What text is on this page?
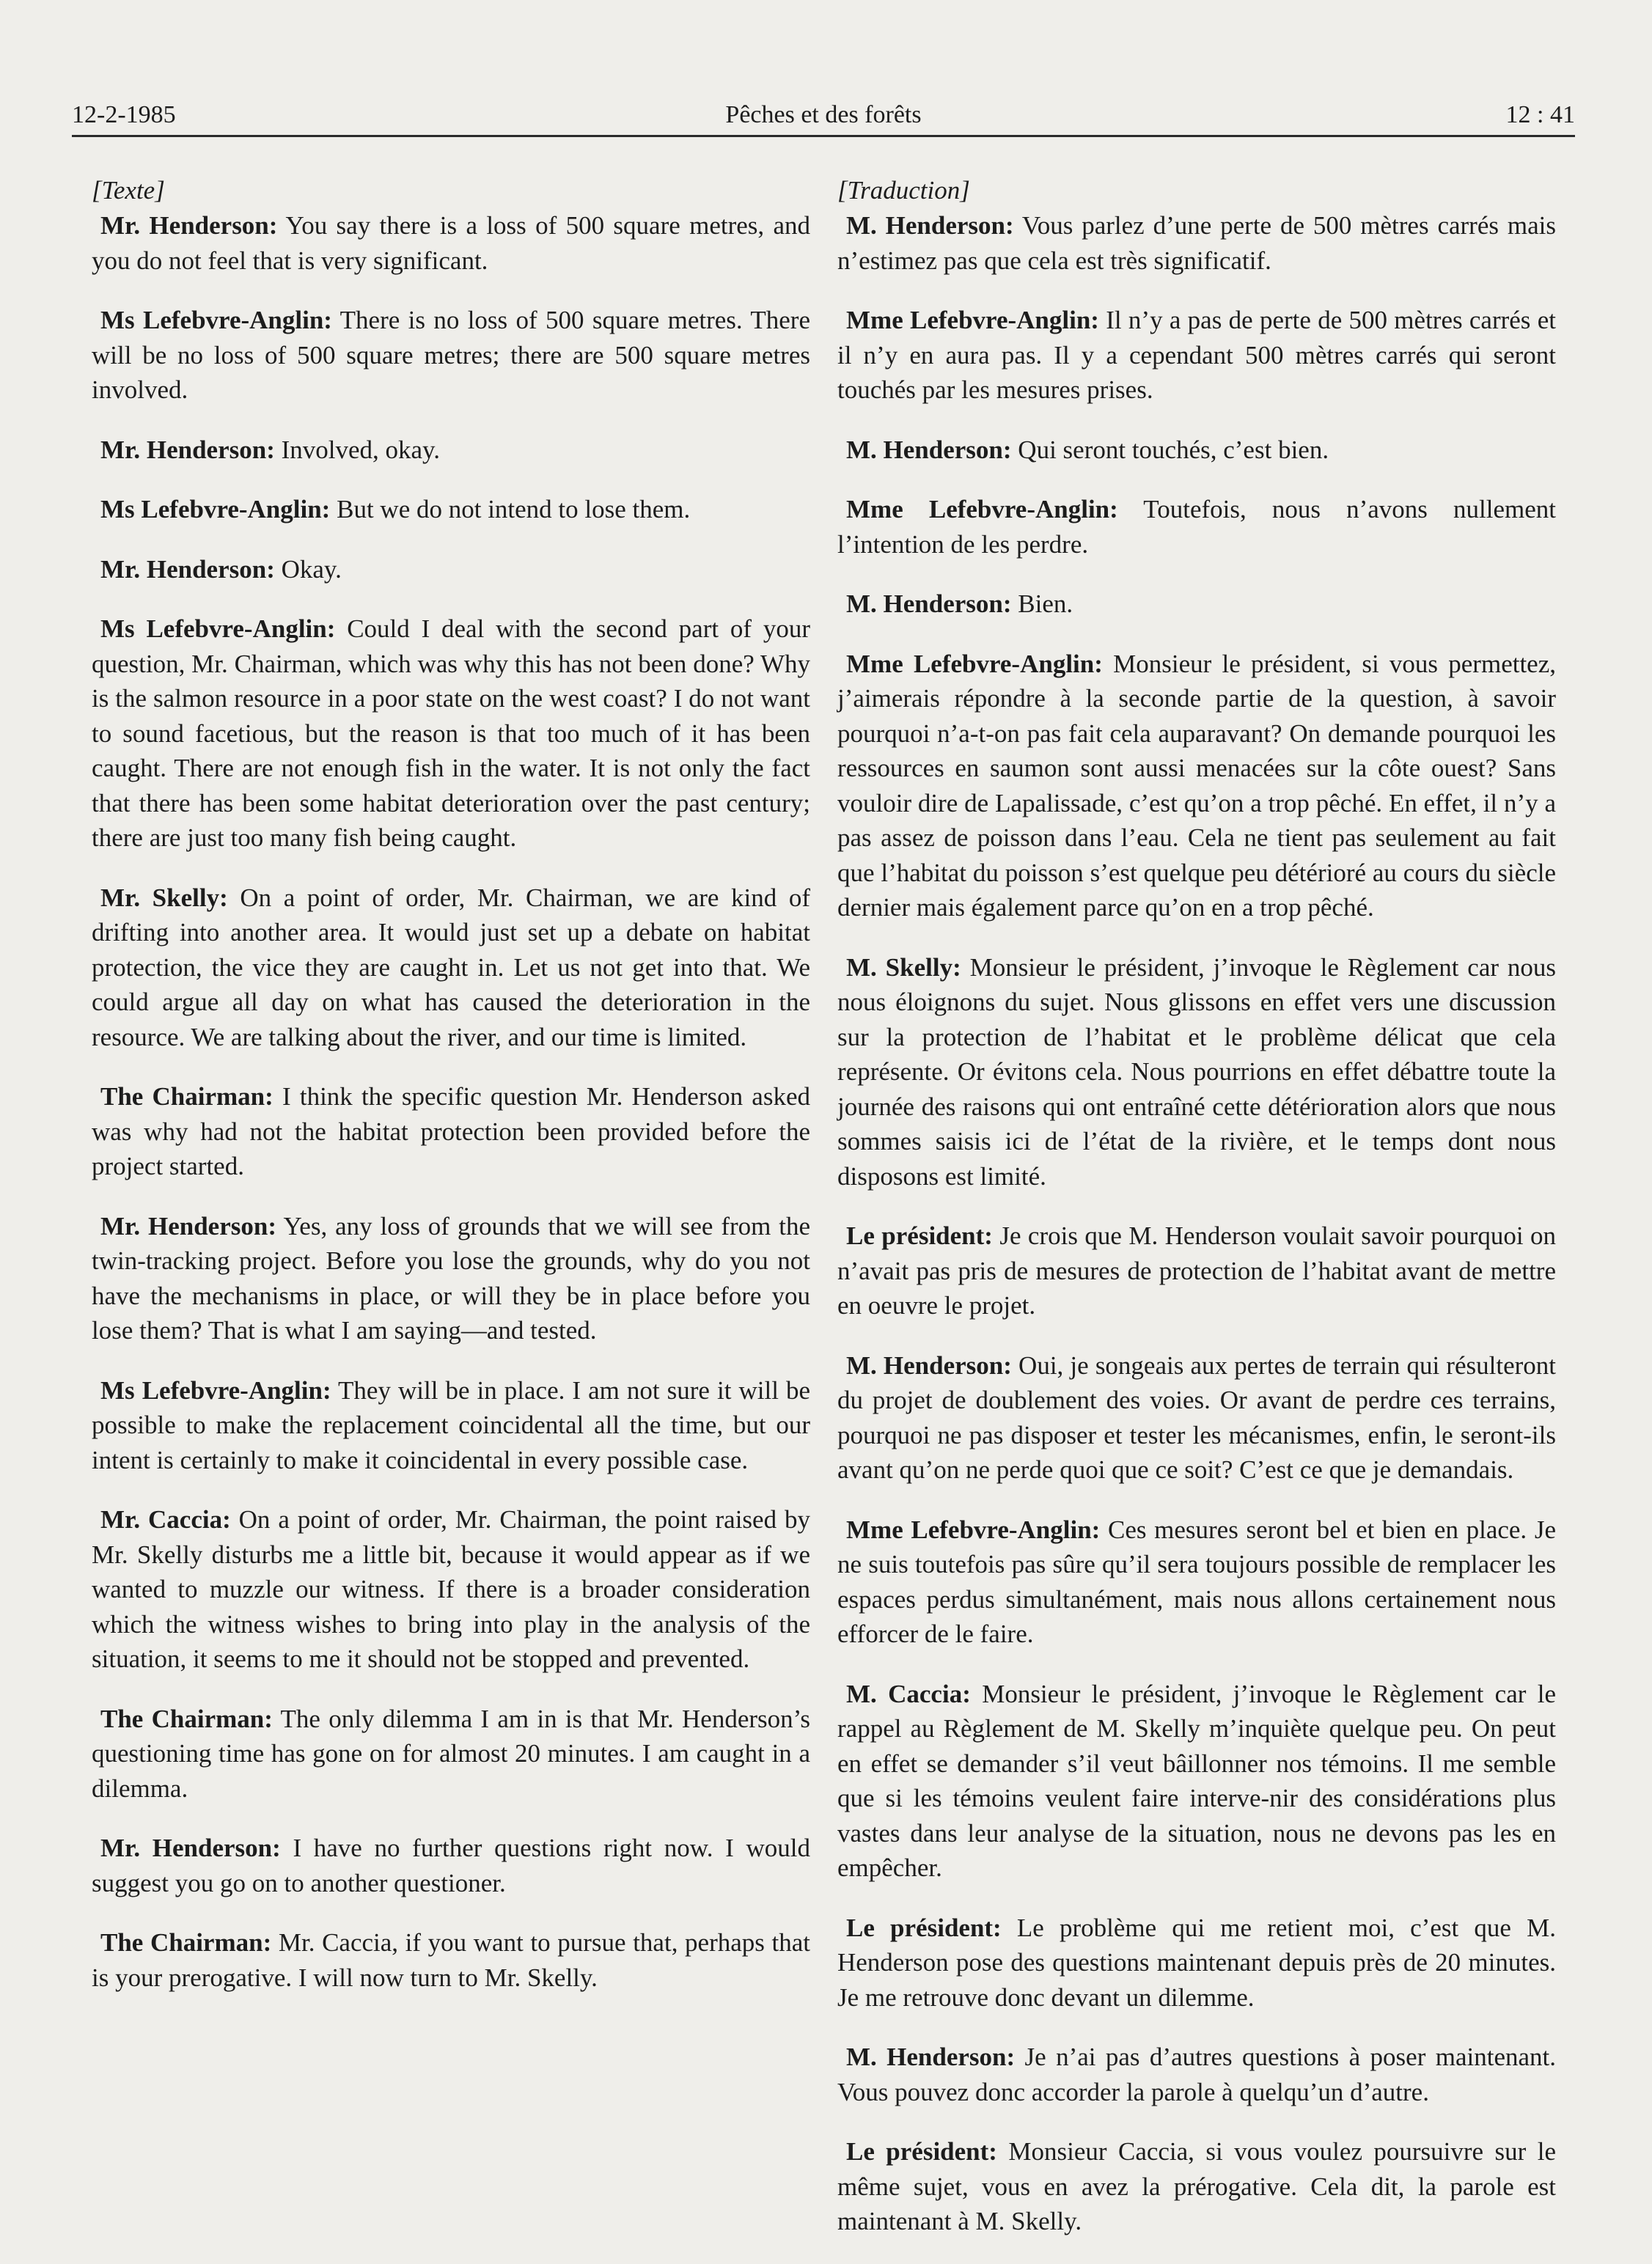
12-2-1985	Pêches et des forêts	12 : 41

[Texte]

Mr. Henderson: You say there is a loss of 500 square metres, and you do not feel that is very significant.

Ms Lefebvre-Anglin: There is no loss of 500 square metres. There will be no loss of 500 square metres; there are 500 square metres involved.

Mr. Henderson: Involved, okay.

Ms Lefebvre-Anglin: But we do not intend to lose them.

Mr. Henderson: Okay.

Ms Lefebvre-Anglin: Could I deal with the second part of your question, Mr. Chairman, which was why this has not been done? Why is the salmon resource in a poor state on the west coast? I do not want to sound facetious, but the reason is that too much of it has been caught. There are not enough fish in the water. It is not only the fact that there has been some habitat deterioration over the past century; there are just too many fish being caught.

Mr. Skelly: On a point of order, Mr. Chairman, we are kind of drifting into another area. It would just set up a debate on habitat protection, the vice they are caught in. Let us not get into that. We could argue all day on what has caused the deterioration in the resource. We are talking about the river, and our time is limited.

The Chairman: I think the specific question Mr. Henderson asked was why had not the habitat protection been provided before the project started.

Mr. Henderson: Yes, any loss of grounds that we will see from the twin-tracking project. Before you lose the grounds, why do you not have the mechanisms in place, or will they be in place before you lose them? That is what I am saying—and tested.

Ms Lefebvre-Anglin: They will be in place. I am not sure it will be possible to make the replacement coincidental all the time, but our intent is certainly to make it coincidental in every possible case.

Mr. Caccia: On a point of order, Mr. Chairman, the point raised by Mr. Skelly disturbs me a little bit, because it would appear as if we wanted to muzzle our witness. If there is a broader consideration which the witness wishes to bring into play in the analysis of the situation, it seems to me it should not be stopped and prevented.

The Chairman: The only dilemma I am in is that Mr. Henderson’s questioning time has gone on for almost 20 minutes. I am caught in a dilemma.

Mr. Henderson: I have no further questions right now. I would suggest you go on to another questioner.

The Chairman: Mr. Caccia, if you want to pursue that, perhaps that is your prerogative. I will now turn to Mr. Skelly.

[Traduction]

M. Henderson: Vous parlez d’une perte de 500 mètres carrés mais n’estimez pas que cela est très significatif.

Mme Lefebvre-Anglin: Il n’y a pas de perte de 500 mètres carrés et il n’y en aura pas. Il y a cependant 500 mètres carrés qui seront touchés par les mesures prises.

M. Henderson: Qui seront touchés, c’est bien.

Mme Lefebvre-Anglin: Toutefois, nous n’avons nullement l’intention de les perdre.

M. Henderson: Bien.

Mme Lefebvre-Anglin: Monsieur le président, si vous permettez, j’aimerais répondre à la seconde partie de la question, à savoir pourquoi n’a-t-on pas fait cela auparavant? On demande pourquoi les ressources en saumon sont aussi menacées sur la côte ouest? Sans vouloir dire de Lapalissade, c’est qu’on a trop pêché. En effet, il n’y a pas assez de poisson dans l’eau. Cela ne tient pas seulement au fait que l’habitat du poisson s’est quelque peu détérioré au cours du siècle dernier mais également parce qu’on en a trop pêché.

M. Skelly: Monsieur le président, j’invoque le Règlement car nous nous éloignons du sujet. Nous glissons en effet vers une discussion sur la protection de l’habitat et le problème délicat que cela représente. Or évitons cela. Nous pourrions en effet débattre toute la journée des raisons qui ont entraîné cette détérioration alors que nous sommes saisis ici de l’état de la rivière, et le temps dont nous disposons est limité.

Le président: Je crois que M. Henderson voulait savoir pourquoi on n’avait pas pris de mesures de protection de l’habitat avant de mettre en oeuvre le projet.

M. Henderson: Oui, je songeais aux pertes de terrain qui résulteront du projet de doublement des voies. Or avant de perdre ces terrains, pourquoi ne pas disposer et tester les mécanismes, enfin, le seront-ils avant qu’on ne perde quoi que ce soit? C’est ce que je demandais.

Mme Lefebvre-Anglin: Ces mesures seront bel et bien en place. Je ne suis toutefois pas sûre qu’il sera toujours possible de remplacer les espaces perdus simultanément, mais nous allons certainement nous efforcer de le faire.

M. Caccia: Monsieur le président, j’invoque le Règlement car le rappel au Règlement de M. Skelly m’inquiète quelque peu. On peut en effet se demander s’il veut bâillonner nos témoins. Il me semble que si les témoins veulent faire interve-nir des considérations plus vastes dans leur analyse de la situation, nous ne devons pas les en empêcher.

Le président: Le problème qui me retient moi, c’est que M. Henderson pose des questions maintenant depuis près de 20 minutes. Je me retrouve donc devant un dilemme.

M. Henderson: Je n’ai pas d’autres questions à poser maintenant. Vous pouvez donc accorder la parole à quelqu’un d’autre.

Le président: Monsieur Caccia, si vous voulez poursuivre sur le même sujet, vous en avez la prérogative. Cela dit, la parole est maintenant à M. Skelly.
